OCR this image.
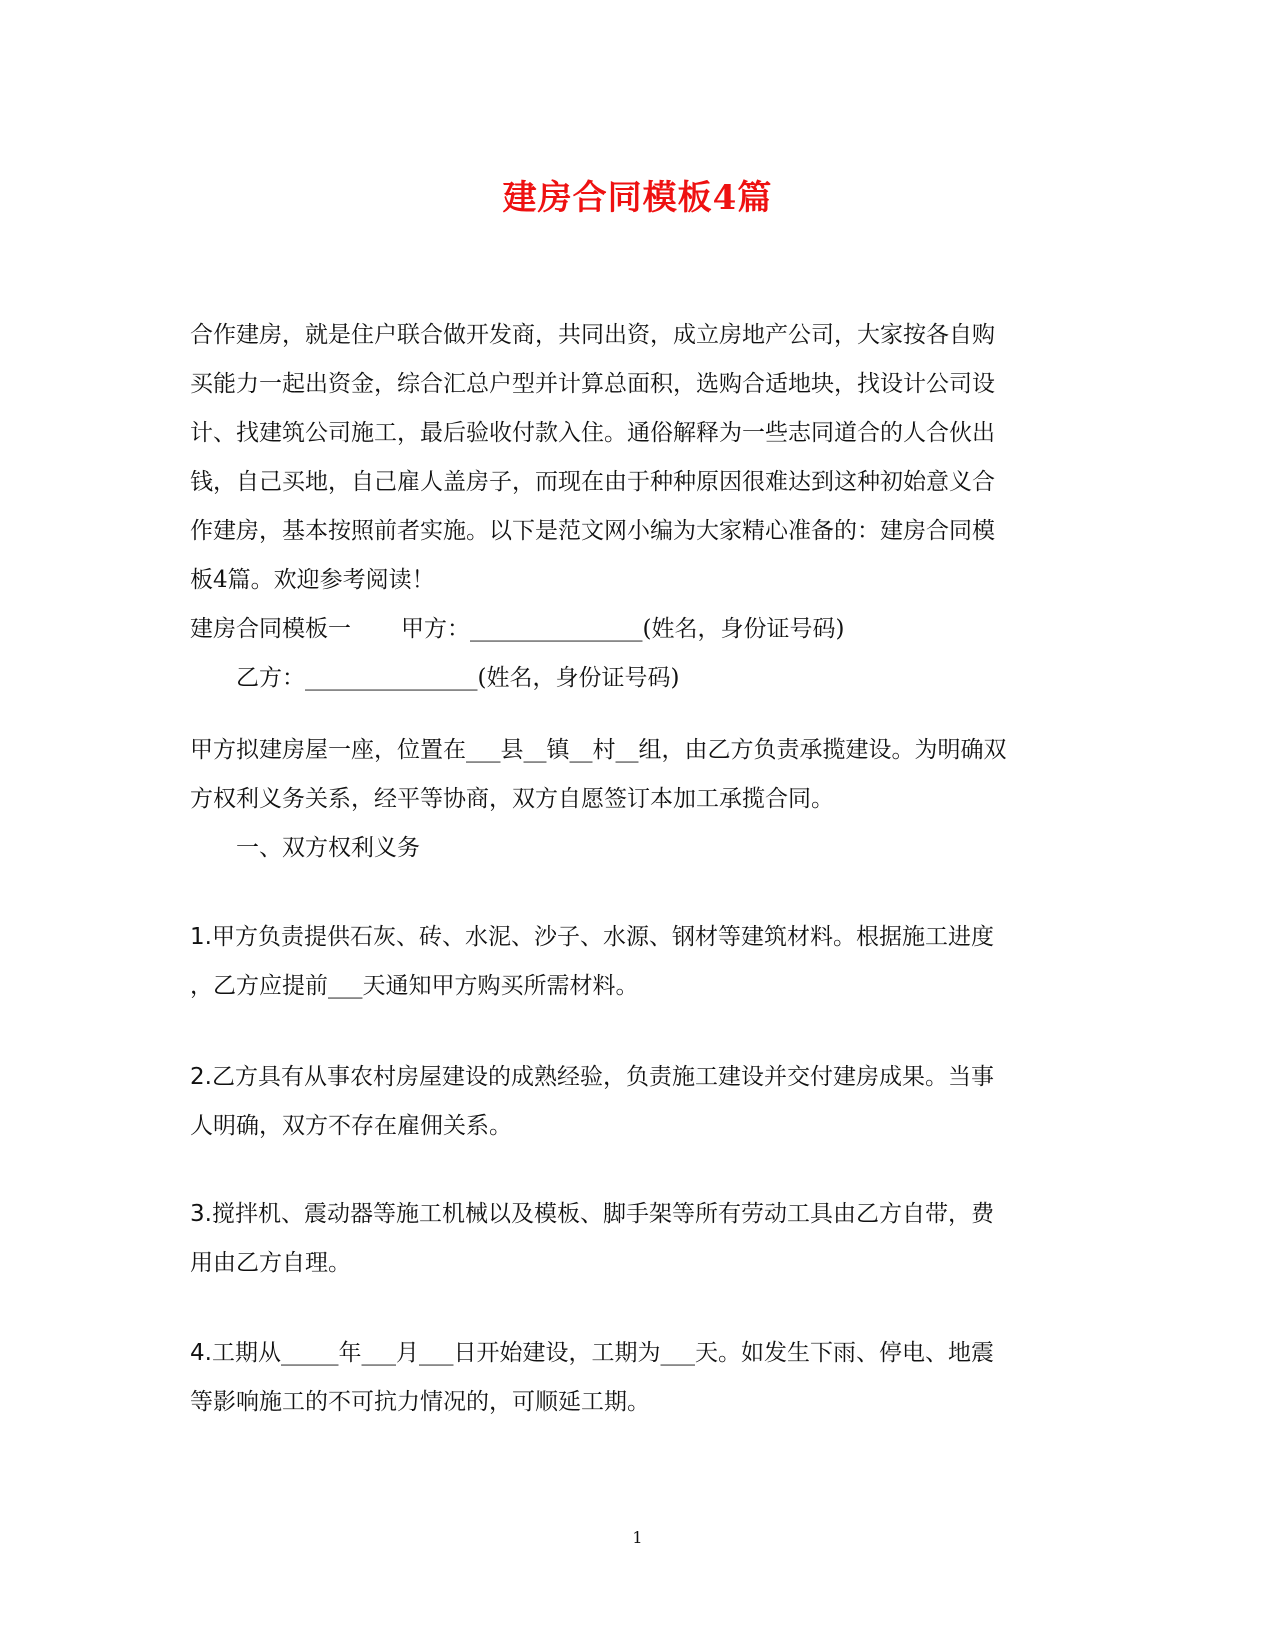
建房合同模板4篇
合作建房，就是住户联合做开发商，共同出资，成立房地产公司，大家按各自购
买能力一起出资金，综合汇总户型并计算总面积，选购合适地块，找设计公司设
计、找建筑公司施工，最后验收付款入住。通俗解释为一些志同道合的人合伙出
钱，自己买地，自己雇人盖房子，而现在由于种种原因很难达到这种初始意义合
作建房，基本按照前者实施。以下是范文网小编为大家精心准备的：建房合同模
板4篇。欢迎参考阅读！
建房合同模板一 甲方：_______________(姓名，身份证号码)
乙方：_______________(姓名，身份证号码)
甲方拟建房屋一座，位置在___县__镇__村__组，由乙方负责承揽建设。为明确双
方权利义务关系，经平等协商，双方自愿签订本加工承揽合同。
一、双方权利义务
1.甲方负责提供石灰、砖、水泥、沙子、水源、钢材等建筑材料。根据施工进度
，乙方应提前___天通知甲方购买所需材料。
2.乙方具有从事农村房屋建设的成熟经验，负责施工建设并交付建房成果。当事
人明确，双方不存在雇佣关系。
3.搅拌机、震动器等施工机械以及模板、脚手架等所有劳动工具由乙方自带，费
用由乙方自理。
4.工期从_____年___月___日开始建设，工期为___天。如发生下雨、停电、地震
等影响施工的不可抗力情况的，可顺延工期。
1
